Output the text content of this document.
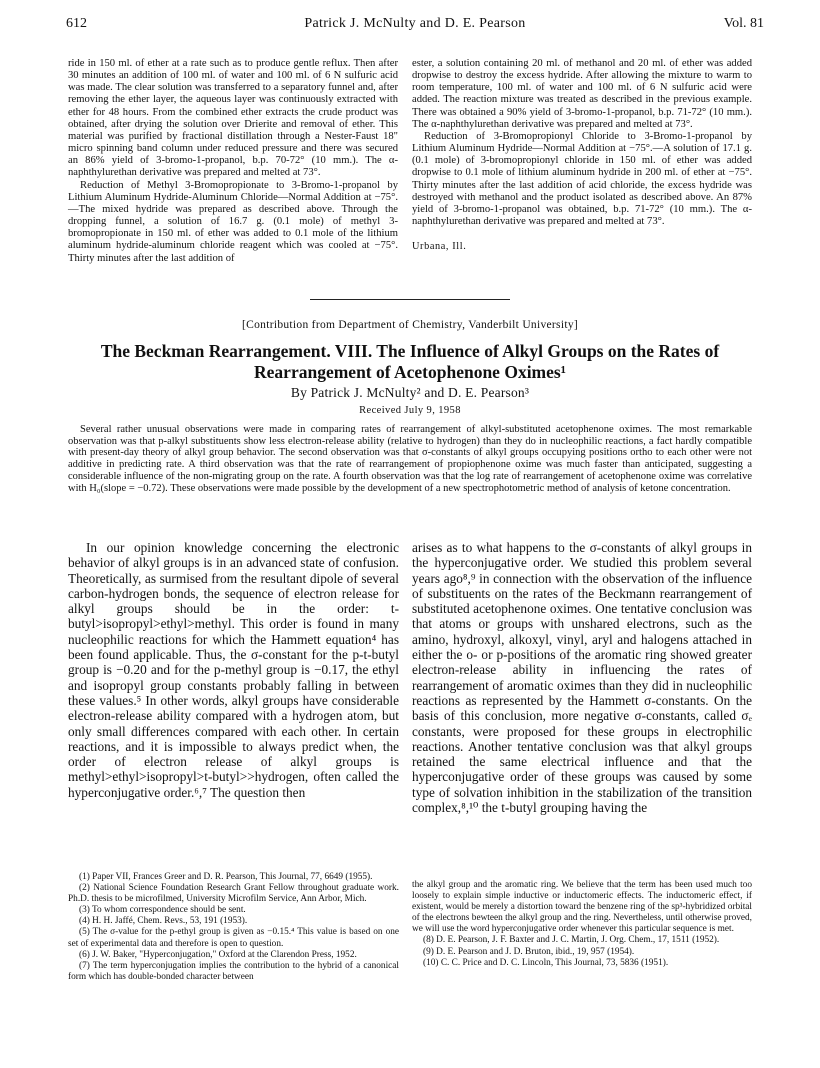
612	Patrick J. McNulty and D. E. Pearson	Vol. 81

ride in 150 ml. of ether at a rate such as to produce gentle reflux. Then after 30 minutes an addition of 100 ml. of water and 100 ml. of 6 N sulfuric acid was made. The clear solution was transferred to a separatory funnel and, after removing the ether layer, the aqueous layer was continuously extracted with ether for 48 hours. From the combined ether extracts the crude product was obtained, after drying the solution over Drierite and removal of ether. This material was purified by fractional distillation through a Nester-Faust 18" micro spinning band column under reduced pressure and there was secured an 86% yield of 3-bromo-1-propanol, b.p. 70-72° (10 mm.). The α-naphthylurethan derivative was prepared and melted at 73°.

Reduction of Methyl 3-Bromopropionate to 3-Bromo-1-propanol by Lithium Aluminum Hydride-Aluminum Chloride—Normal Addition at −75°.—The mixed hydride was prepared as described above. Through the dropping funnel, a solution of 16.7 g. (0.1 mole) of methyl 3-bromopropionate in 150 ml. of ether was added to 0.1 mole of the lithium aluminum hydride-aluminum chloride reagent which was cooled at −75°. Thirty minutes after the last addition of

ester, a solution containing 20 ml. of methanol and 20 ml. of ether was added dropwise to destroy the excess hydride. After allowing the mixture to warm to room temperature, 100 ml. of water and 100 ml. of 6 N sulfuric acid were added. The reaction mixture was treated as described in the previous example. There was obtained a 90% yield of 3-bromo-1-propanol, b.p. 71-72° (10 mm.). The α-naphthylurethan derivative was prepared and melted at 73°.

Reduction of 3-Bromopropionyl Chloride to 3-Bromo-1-propanol by Lithium Aluminum Hydride—Normal Addition at −75°.—A solution of 17.1 g. (0.1 mole) of 3-bromopropionyl chloride in 150 ml. of ether was added dropwise to 0.1 mole of lithium aluminum hydride in 200 ml. of ether at −75°. Thirty minutes after the last addition of acid chloride, the excess hydride was destroyed with methanol and the product isolated as described above. An 87% yield of 3-bromo-1-propanol was obtained, b.p. 71-72° (10 mm.). The α-naphthylurethan derivative was prepared and melted at 73°.

Urbana, Ill.

[Contribution from Department of Chemistry, Vanderbilt University]
The Beckman Rearrangement. VIII. The Influence of Alkyl Groups on the Rates of Rearrangement of Acetophenone Oximes¹
By Patrick J. McNulty² and D. E. Pearson³
Received July 9, 1958
Several rather unusual observations were made in comparing rates of rearrangement of alkyl-substituted acetophenone oximes. The most remarkable observation was that p-alkyl substituents show less electron-release ability (relative to hydrogen) than they do in nucleophilic reactions, a fact hardly compatible with present-day theory of alkyl group behavior. The second observation was that σ-constants of alkyl groups occupying positions ortho to each other were not additive in predicting rate. A third observation was that the rate of rearrangement of propiophenone oxime was much faster than anticipated, suggesting a considerable influence of the non-migrating group on the rate. A fourth observation was that the log rate of rearrangement of acetophenone oxime was correlative with H₀(slope = −0.72). These observations were made possible by the development of a new spectrophotometric method of analysis of ketone concentration.

In our opinion knowledge concerning the electronic behavior of alkyl groups is in an advanced state of confusion. Theoretically, as surmised from the resultant dipole of several carbon-hydrogen bonds, the sequence of electron release for alkyl groups should be in the order: t-butyl>isopropyl>ethyl>methyl. This order is found in many nucleophilic reactions for which the Hammett equation⁴ has been found applicable. Thus, the σ-constant for the p-t-butyl group is −0.20 and for the p-methyl group is −0.17, the ethyl and isopropyl group constants probably falling in between these values.⁵ In other words, alkyl groups have considerable electron-release ability compared with a hydrogen atom, but only small differences compared with each other. In certain reactions, and it is impossible to always predict when, the order of electron release of alkyl groups is methyl>ethyl>isopropyl>t-butyl>>hydrogen, often called the hyperconjugative order.⁶,⁷ The question then

arises as to what happens to the σ-constants of alkyl groups in the hyperconjugative order. We studied this problem several years ago⁸,⁹ in connection with the observation of the influence of substituents on the rates of the Beckmann rearrangement of substituted acetophenone oximes. One tentative conclusion was that atoms or groups with unshared electrons, such as the amino, hydroxyl, alkoxyl, vinyl, aryl and halogens attached in either the o- or p-positions of the aromatic ring showed greater electron-release ability in influencing the rates of rearrangement of aromatic oximes than they did in nucleophilic reactions as represented by the Hammett σ-constants. On the basis of this conclusion, more negative σ-constants, called σₑ constants, were proposed for these groups in electrophilic reactions. Another tentative conclusion was that alkyl groups retained the same electrical influence and that the hyperconjugative order of these groups was caused by some type of solvation inhibition in the stabilization of the transition complex,⁸,¹⁰ the t-butyl grouping having the

(1) Paper VII, Frances Greer and D. R. Pearson, This Journal, 77, 6649 (1955).

(2) National Science Foundation Research Grant Fellow throughout graduate work. Ph.D. thesis to be microfilmed, University Microfilm Service, Ann Arbor, Mich.

(3) To whom correspondence should be sent.

(4) H. H. Jaffé, Chem. Revs., 53, 191 (1953).

(5) The σ-value for the p-ethyl group is given as −0.15.⁴ This value is based on one set of experimental data and therefore is open to question.

(6) J. W. Baker, "Hyperconjugation," Oxford at the Clarendon Press, 1952.

(7) The term hyperconjugation implies the contribution to the hybrid of a canonical form which has double-bonded character between

the alkyl group and the aromatic ring. We believe that the term has been used much too loosely to explain simple inductive or inductomeric effects. The inductomeric effect, if existent, would be merely a distortion toward the benzene ring of the sp³-hybridized orbital of the electrons bewteen the alkyl group and the ring. Nevertheless, until otherwise proved, we will use the word hyperconjugative order whenever this particular sequence is met.

(8) D. E. Pearson, J. F. Baxter and J. C. Martin, J. Org. Chem., 17, 1511 (1952).

(9) D. E. Pearson and J. D. Bruton, ibid., 19, 957 (1954).

(10) C. C. Price and D. C. Lincoln, This Journal, 73, 5836 (1951).
